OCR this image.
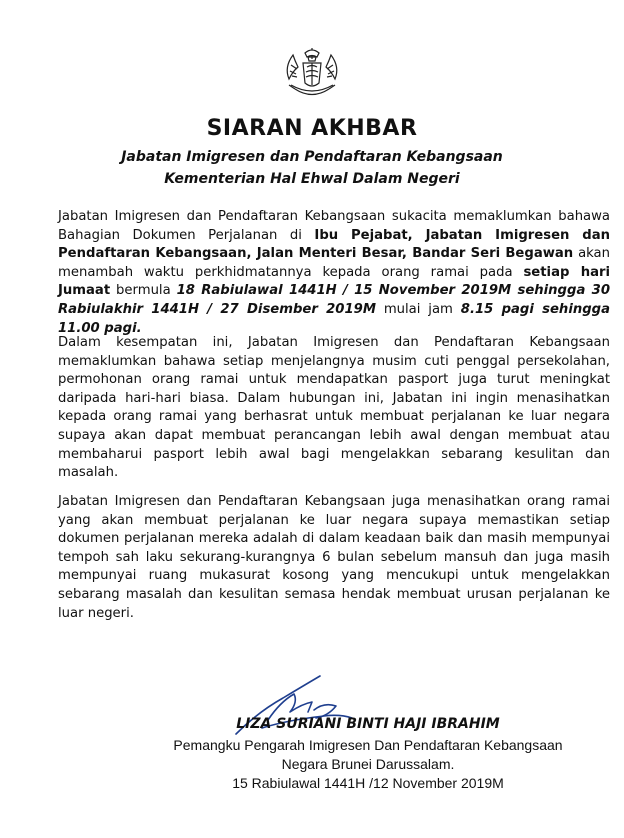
SIARAN AKHBAR

Jabatan Imigresen dan Pendaftaran Kebangsaan

Kementerian Hal Ehwal Dalam Negeri

Jabatan Imigresen dan Pendaftaran Kebangsaan sukacita memaklumkan bahawa Bahagian Dokumen Perjalanan di Ibu Pejabat, Jabatan Imigresen dan Pendaftaran Kebangsaan, Jalan Menteri Besar, Bandar Seri Begawan akan menambah waktu perkhidmatannya kepada orang ramai pada setiap hari Jumaat bermula 18 Rabiulawal 1441H / 15 November 2019M sehingga 30 Rabiulakhir 1441H / 27 Disember 2019M mulai jam 8.15 pagi sehingga 11.00 pagi.

Dalam kesempatan ini, Jabatan Imigresen dan Pendaftaran Kebangsaan memaklumkan bahawa setiap menjelangnya musim cuti penggal persekolahan, permohonan orang ramai untuk mendapatkan pasport juga turut meningkat daripada hari-hari biasa. Dalam hubungan ini, Jabatan ini ingin menasihatkan kepada orang ramai yang berhasrat untuk membuat perjalanan ke luar negara supaya akan dapat membuat perancangan lebih awal dengan membuat atau membaharui pasport lebih awal bagi mengelakkan sebarang kesulitan dan masalah.

Jabatan Imigresen dan Pendaftaran Kebangsaan juga menasihatkan orang ramai yang akan membuat perjalanan ke luar negara supaya memastikan setiap dokumen perjalanan mereka adalah di dalam keadaan baik dan masih mempunyai tempoh sah laku sekurang-kurangnya 6 bulan sebelum mansuh dan juga masih mempunyai ruang mukasurat kosong yang mencukupi untuk mengelakkan sebarang masalah dan kesulitan semasa hendak membuat urusan perjalanan ke luar negeri.

LIZA SURIANI BINTI HAJI IBRAHIM

Pemangku Pengarah Imigresen Dan Pendaftaran Kebangsaan

Negara Brunei Darussalam.

15 Rabiulawal 1441H /12 November 2019M
